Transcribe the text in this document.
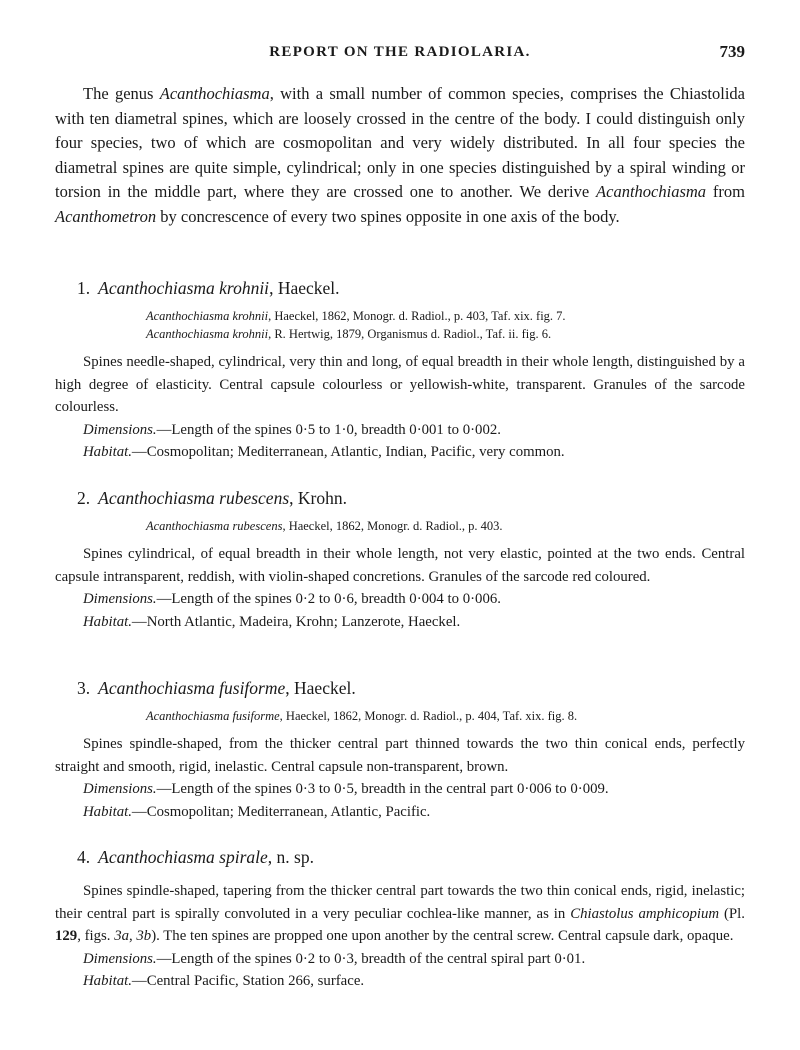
REPORT ON THE RADIOLARIA.	739

The genus Acanthochiasma, with a small number of common species, comprises the Chiastolida with ten diametral spines, which are loosely crossed in the centre of the body. I could distinguish only four species, two of which are cosmopolitan and very widely distributed. In all four species the diametral spines are quite simple, cylindrical; only in one species distinguished by a spiral winding or torsion in the middle part, where they are crossed one to another. We derive Acanthochiasma from Acanthometron by concrescence of every two spines opposite in one axis of the body.

1. Acanthochiasma krohnii, Haeckel.
Acanthochiasma krohnii, Haeckel, 1862, Monogr. d. Radiol., p. 403, Taf. xix. fig. 7.
Acanthochiasma krohnii, R. Hertwig, 1879, Organismus d. Radiol., Taf. ii. fig. 6.

Spines needle-shaped, cylindrical, very thin and long, of equal breadth in their whole length, distinguished by a high degree of elasticity. Central capsule colourless or yellowish-white, transparent. Granules of the sarcode colourless.

Dimensions.—Length of the spines 0·5 to 1·0, breadth 0·001 to 0·002.
Habitat.—Cosmopolitan; Mediterranean, Atlantic, Indian, Pacific, very common.
2. Acanthochiasma rubescens, Krohn.
Acanthochiasma rubescens, Haeckel, 1862, Monogr. d. Radiol., p. 403.

Spines cylindrical, of equal breadth in their whole length, not very elastic, pointed at the two ends. Central capsule intransparent, reddish, with violin-shaped concretions. Granules of the sarcode red coloured.

Dimensions.—Length of the spines 0·2 to 0·6, breadth 0·004 to 0·006.
Habitat.—North Atlantic, Madeira, Krohn; Lanzerote, Haeckel.
3. Acanthochiasma fusiforme, Haeckel.
Acanthochiasma fusiforme, Haeckel, 1862, Monogr. d. Radiol., p. 404, Taf. xix. fig. 8.

Spines spindle-shaped, from the thicker central part thinned towards the two thin conical ends, perfectly straight and smooth, rigid, inelastic. Central capsule non-transparent, brown.

Dimensions.—Length of the spines 0·3 to 0·5, breadth in the central part 0·006 to 0·009.
Habitat.—Cosmopolitan; Mediterranean, Atlantic, Pacific.
4. Acanthochiasma spirale, n. sp.

Spines spindle-shaped, tapering from the thicker central part towards the two thin conical ends, rigid, inelastic; their central part is spirally convoluted in a very peculiar cochlea-like manner, as in Chiastolus amphicopium (Pl. 129, figs. 3a, 3b). The ten spines are propped one upon another by the central screw. Central capsule dark, opaque.

Dimensions.—Length of the spines 0·2 to 0·3, breadth of the central spiral part 0·01.
Habitat.—Central Pacific, Station 266, surface.
